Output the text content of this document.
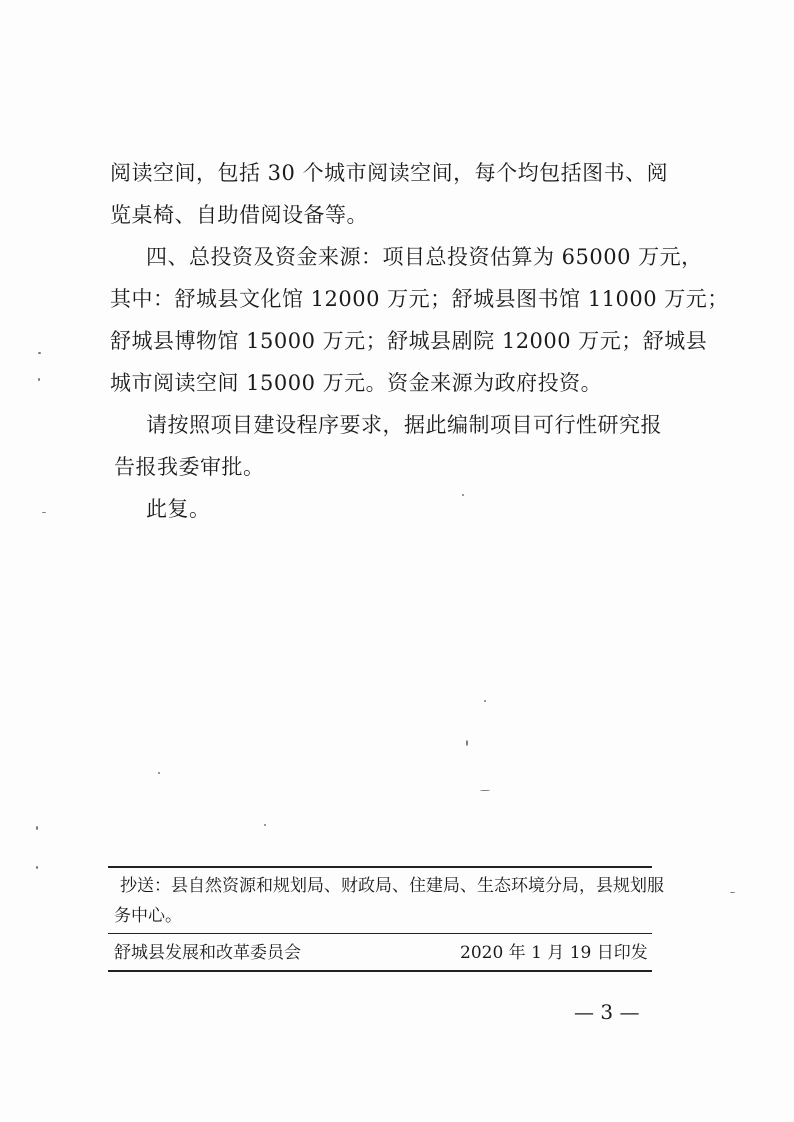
阅读空间，包括 30 个城市阅读空间，每个均包括图书、阅
览桌椅、自助借阅设备等。
四、总投资及资金来源：项目总投资估算为 65000 万元，
其中：舒城县文化馆 12000 万元；舒城县图书馆 11000 万元；
舒城县博物馆 15000 万元；舒城县剧院 12000 万元；舒城县
城市阅读空间 15000 万元。资金来源为政府投资。
请按照项目建设程序要求，据此编制项目可行性研究报
告报我委审批。
此复。
抄送：县自然资源和规划局、财政局、住建局、生态环境分局，县规划服
务中心。
舒城县发展和改革委员会	2020 年 1 月 19 日印发
— 3 —
